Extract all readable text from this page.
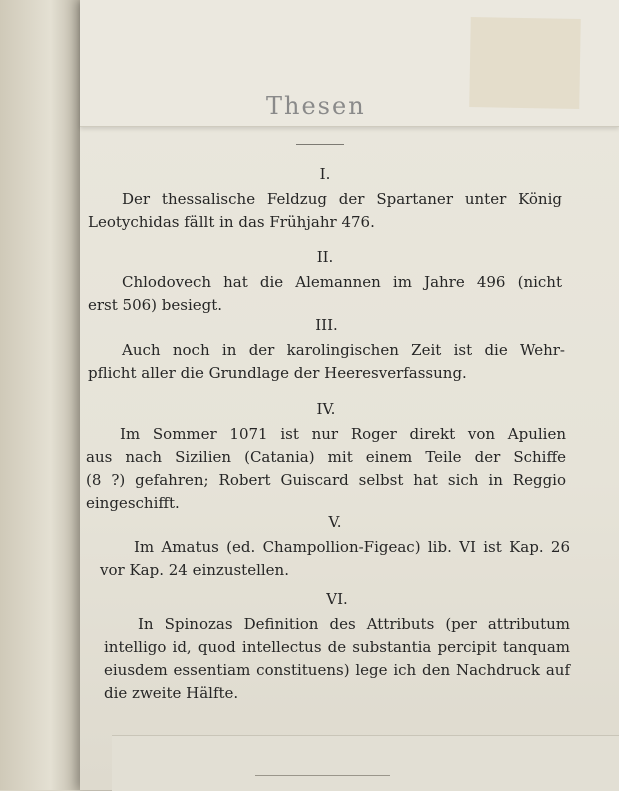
Thesen
I.
Der thessalische Feldzug der Spartaner unter König
Leotychidas fällt in das Frühjahr 476.
II.
Chlodovech hat die Alemannen im Jahre 496 (nicht
erst 506) besiegt.
III.
Auch noch in der karolingischen Zeit ist die Wehr-
pflicht aller die Grundlage der Heeresverfassung.
IV.
Im Sommer 1071 ist nur Roger direkt von Apulien
aus nach Sizilien (Catania) mit einem Teile der Schiffe
(8 ?) gefahren; Robert Guiscard selbst hat sich in Reggio
eingeschifft.
V.
Im Amatus (ed. Champollion-Figeac) lib. VI ist Kap. 26
vor Kap. 24 einzustellen.
VI.
In Spinozas Definition des Attributs (per attributum
intelligo id, quod intellectus de substantia percipit tanquam
eiusdem essentiam constituens) lege ich den Nachdruck auf
die zweite Hälfte.
